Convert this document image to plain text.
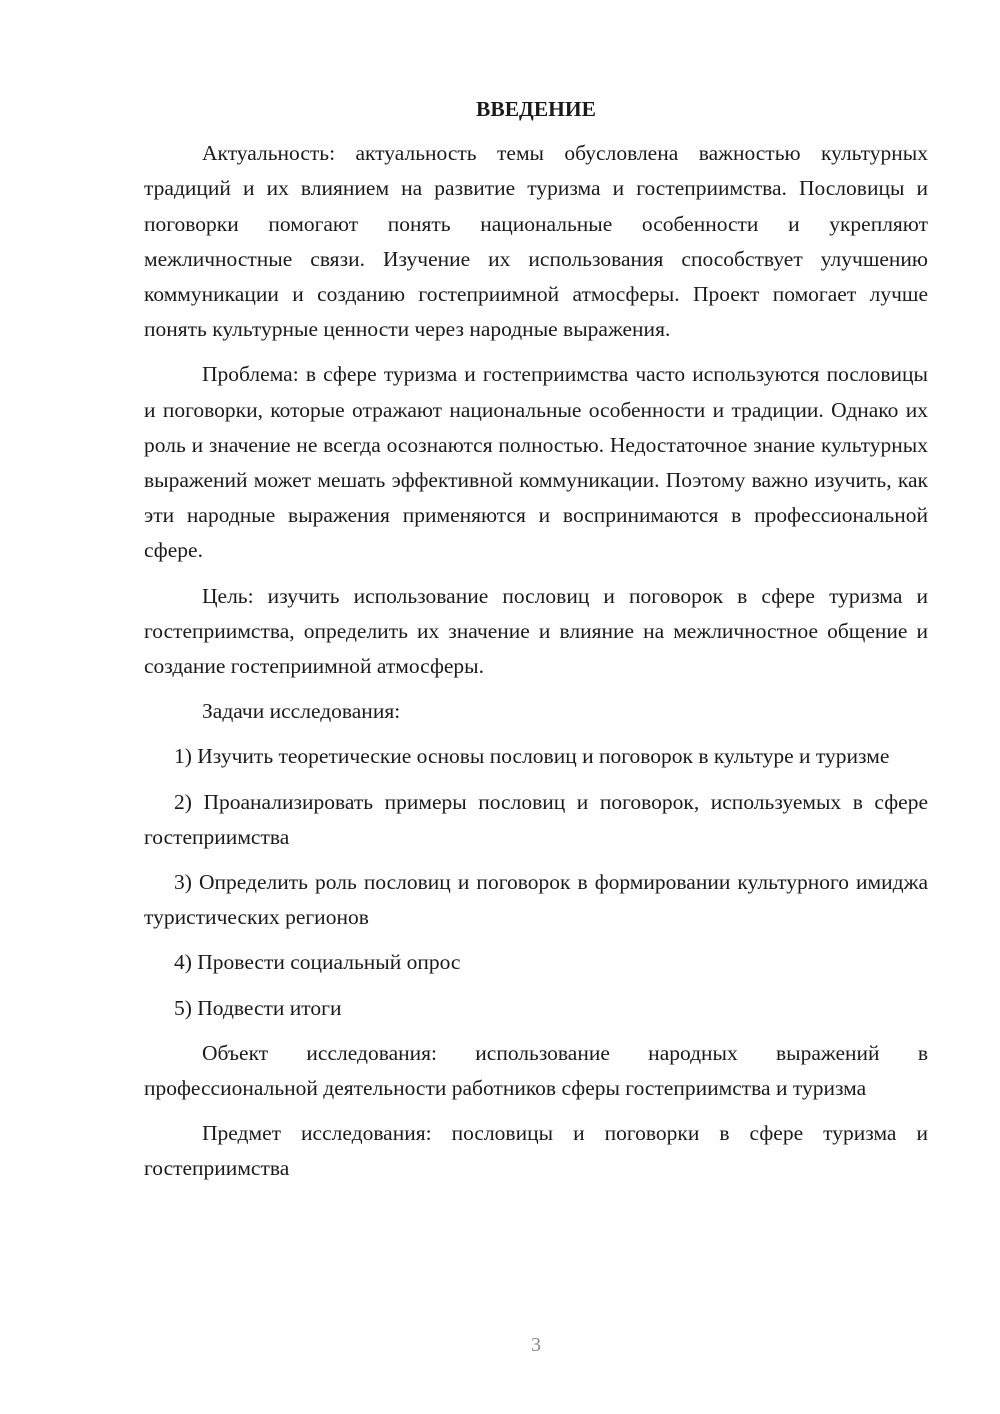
ВВЕДЕНИЕ

Актуальность: актуальность темы обусловлена важностью культурных традиций и их влиянием на развитие туризма и гостеприимства. Пословицы и поговорки помогают понять национальные особенности и укрепляют межличностные связи. Изучение их использования способствует улучшению коммуникации и созданию гостеприимной атмосферы. Проект помогает лучше понять культурные ценности через народные выражения.

Проблема: в сфере туризма и гостеприимства часто используются пословицы и поговорки, которые отражают национальные особенности и традиции. Однако их роль и значение не всегда осознаются полностью. Недостаточное знание культурных выражений может мешать эффективной коммуникации. Поэтому важно изучить, как эти народные выражения применяются и воспринимаются в профессиональной сфере.

Цель: изучить использование пословиц и поговорок в сфере туризма и гостеприимства, определить их значение и влияние на межличностное общение и создание гостеприимной атмосферы.

Задачи исследования:

1) Изучить теоретические основы пословиц и поговорок в культуре и туризме

2) Проанализировать примеры пословиц и поговорок, используемых в сфере гостеприимства

3) Определить роль пословиц и поговорок в формировании культурного имиджа туристических регионов

4) Провести социальный опрос

5) Подвести итоги

Объект исследования: использование народных выражений в профессиональной деятельности работников сферы гостеприимства и туризма

Предмет исследования: пословицы и поговорки в сфере туризма и гостеприимства

3
